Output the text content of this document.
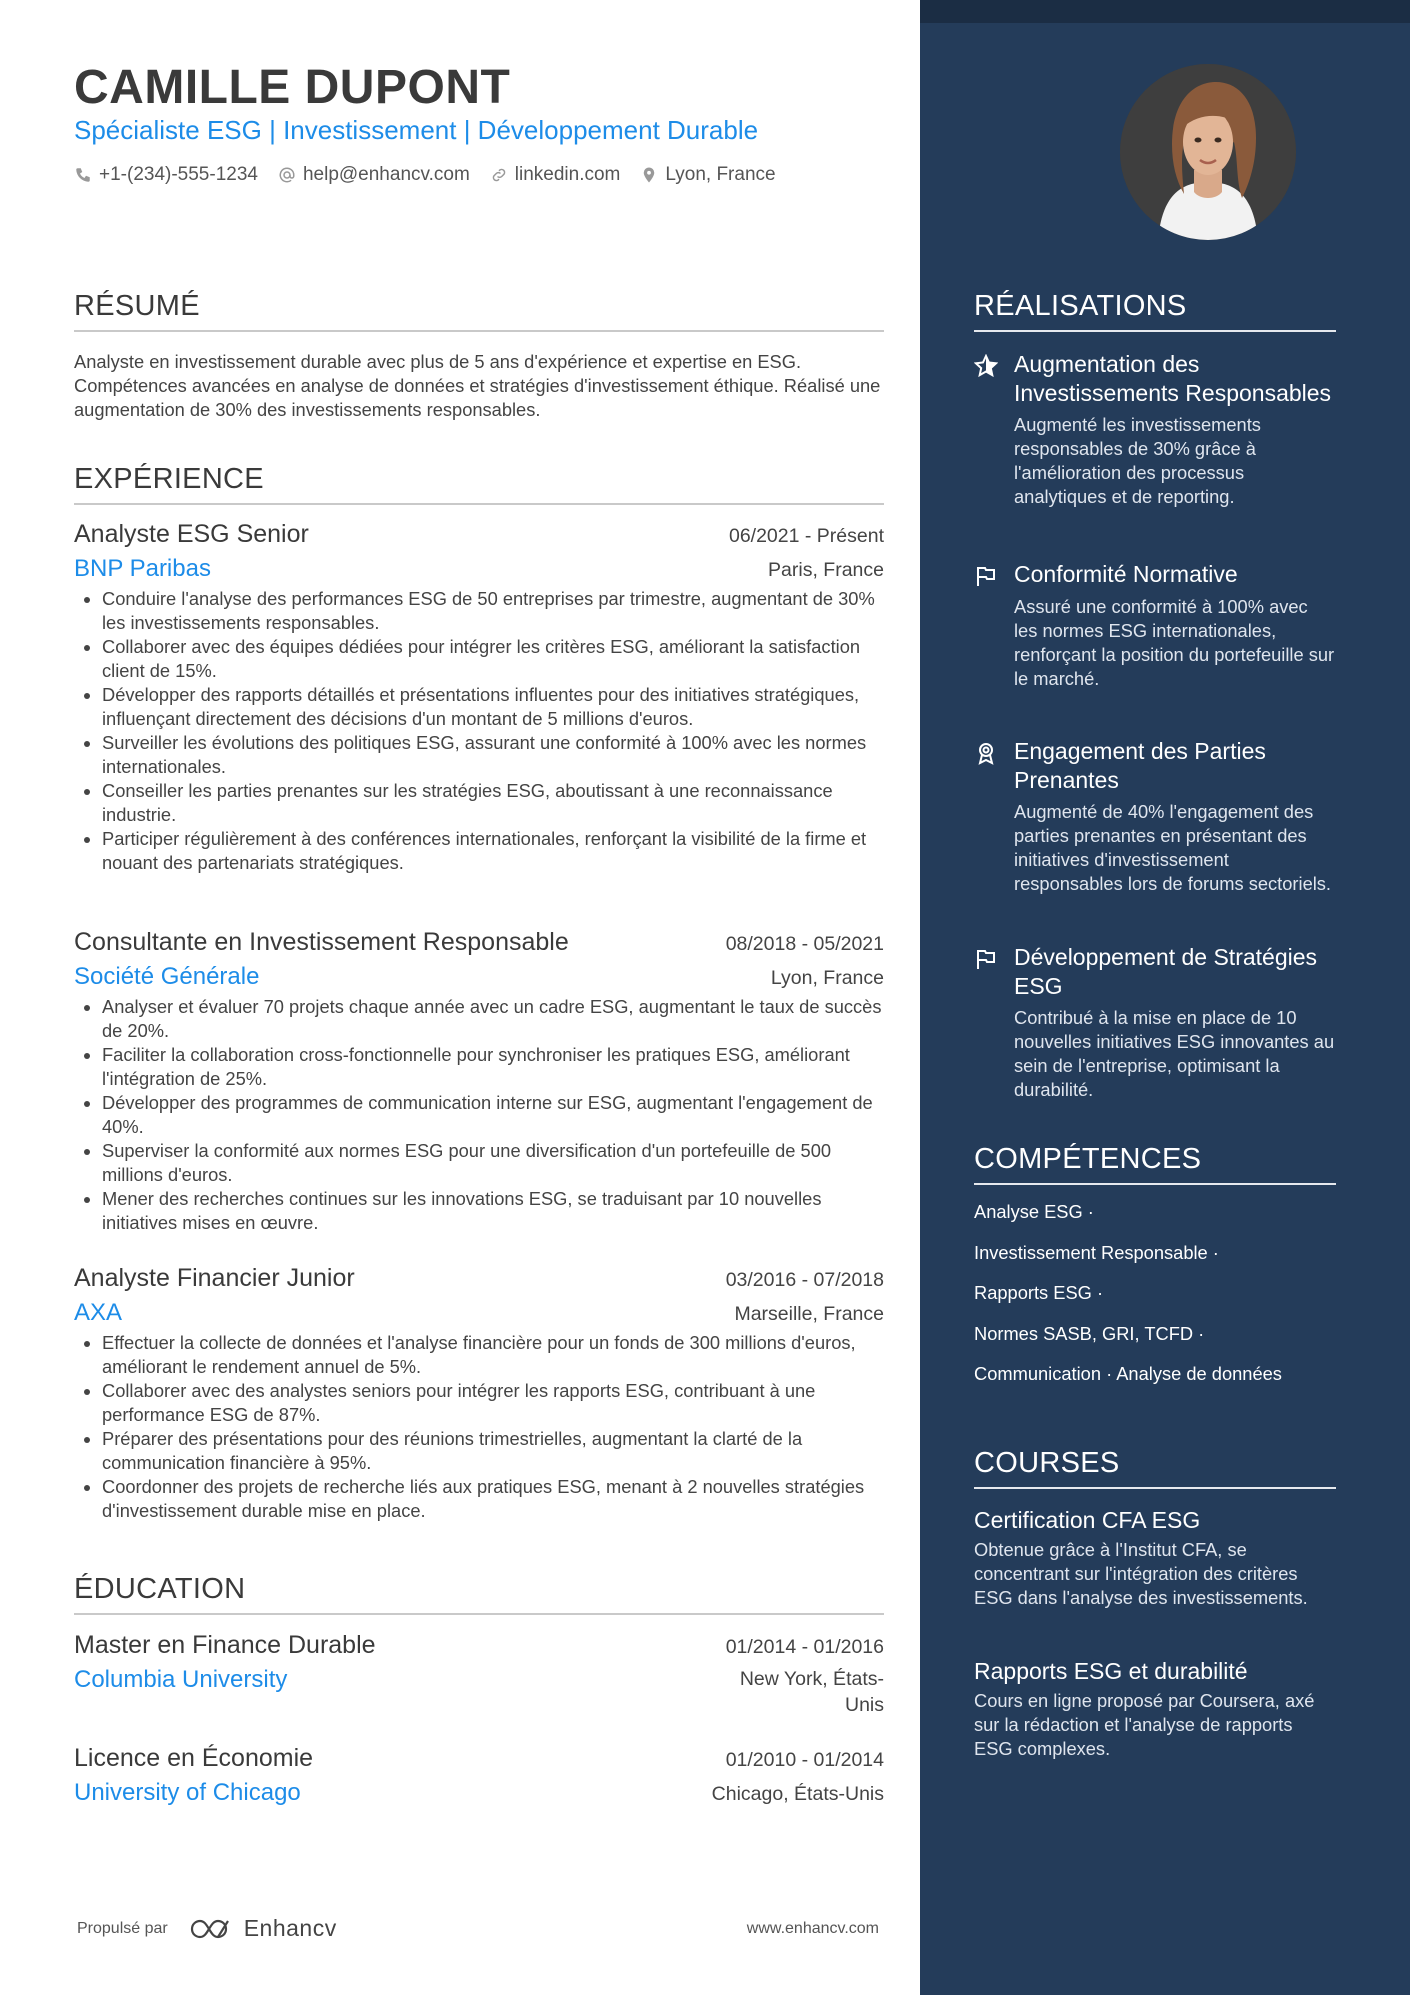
CAMILLE DUPONT
Spécialiste ESG | Investissement | Développement Durable
+1-(234)-555-1234 help@enhancv.com linkedin.com Lyon, France
RÉSUMÉ
Analyste en investissement durable avec plus de 5 ans d'expérience et expertise en ESG. Compétences avancées en analyse de données et stratégies d'investissement éthique. Réalisé une augmentation de 30% des investissements responsables.
EXPÉRIENCE
Analyste ESG Senior	06/2021 - Présent
BNP Paribas	Paris, France
• Conduire l'analyse des performances ESG de 50 entreprises par trimestre, augmentant de 30% les investissements responsables.
• Collaborer avec des équipes dédiées pour intégrer les critères ESG, améliorant la satisfaction client de 15%.
• Développer des rapports détaillés et présentations influentes pour des initiatives stratégiques, influençant directement des décisions d'un montant de 5 millions d'euros.
• Surveiller les évolutions des politiques ESG, assurant une conformité à 100% avec les normes internationales.
• Conseiller les parties prenantes sur les stratégies ESG, aboutissant à une reconnaissance industrie.
• Participer régulièrement à des conférences internationales, renforçant la visibilité de la firme et nouant des partenariats stratégiques.
Consultante en Investissement Responsable	08/2018 - 05/2021
Société Générale	Lyon, France
• Analyser et évaluer 70 projets chaque année avec un cadre ESG, augmentant le taux de succès de 20%.
• Faciliter la collaboration cross-fonctionnelle pour synchroniser les pratiques ESG, améliorant l'intégration de 25%.
• Développer des programmes de communication interne sur ESG, augmentant l'engagement de 40%.
• Superviser la conformité aux normes ESG pour une diversification d'un portefeuille de 500 millions d'euros.
• Mener des recherches continues sur les innovations ESG, se traduisant par 10 nouvelles initiatives mises en œuvre.
Analyste Financier Junior	03/2016 - 07/2018
AXA	Marseille, France
• Effectuer la collecte de données et l'analyse financière pour un fonds de 300 millions d'euros, améliorant le rendement annuel de 5%.
• Collaborer avec des analystes seniors pour intégrer les rapports ESG, contribuant à une performance ESG de 87%.
• Préparer des présentations pour des réunions trimestrielles, augmentant la clarté de la communication financière à 95%.
• Coordonner des projets de recherche liés aux pratiques ESG, menant à 2 nouvelles stratégies d'investissement durable mise en place.
ÉDUCATION
Master en Finance Durable	01/2014 - 01/2016
Columbia University	New York, États-Unis
Licence en Économie	01/2010 - 01/2014
University of Chicago	Chicago, États-Unis
Propulsé par	Enhancv	www.enhancv.com
RÉALISATIONS
Augmentation des Investissements Responsables
Augmenté les investissements responsables de 30% grâce à l'amélioration des processus analytiques et de reporting.
Conformité Normative
Assuré une conformité à 100% avec les normes ESG internationales, renforçant la position du portefeuille sur le marché.
Engagement des Parties Prenantes
Augmenté de 40% l'engagement des parties prenantes en présentant des initiatives d'investissement responsables lors de forums sectoriels.
Développement de Stratégies ESG
Contribué à la mise en place de 10 nouvelles initiatives ESG innovantes au sein de l'entreprise, optimisant la durabilité.
COMPÉTENCES
Analyse ESG ·
Investissement Responsable ·
Rapports ESG ·
Normes SASB, GRI, TCFD ·
Communication · Analyse de données
COURSES
Certification CFA ESG
Obtenue grâce à l'Institut CFA, se concentrant sur l'intégration des critères ESG dans l'analyse des investissements.
Rapports ESG et durabilité
Cours en ligne proposé par Coursera, axé sur la rédaction et l'analyse de rapports ESG complexes.
